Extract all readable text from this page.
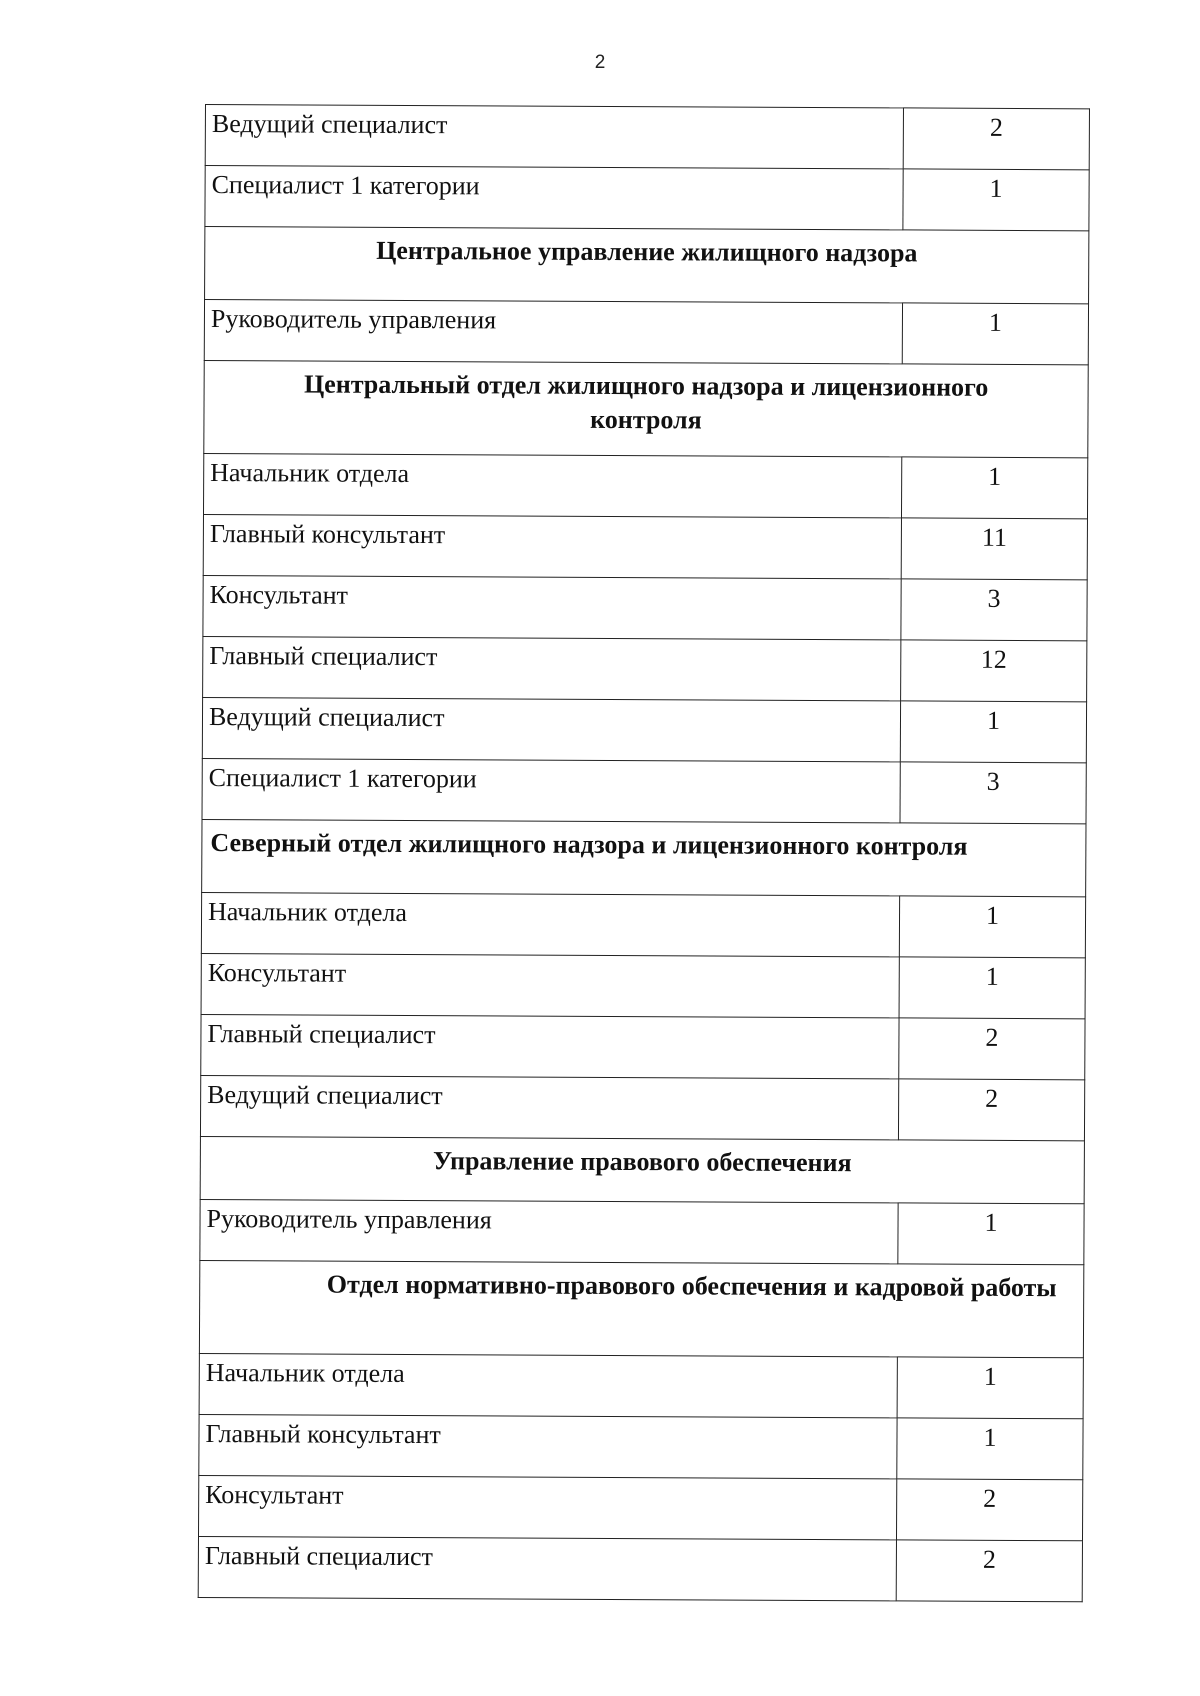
2
Ведущий специалист	2
Специалист 1 категории	1
Центральное управление жилищного надзора	
Руководитель управления	1
Центральный отдел жилищного надзора и лицензионного контроля	
Начальник отдела	1
Главный консультант	11
Консультант	3
Главный специалист	12
Ведущий специалист	1
Специалист 1 категории	3
Северный отдел жилищного надзора и лицензионного контроля	
Начальник отдела	1
Консультант	1
Главный специалист	2
Ведущий специалист	2
Управление правового обеспечения	
Руководитель управления	1
Отдел нормативно-правового обеспечения и кадровой работы	
Начальник отдела	1
Главный консультант	1
Консультант	2
Главный специалист	2
